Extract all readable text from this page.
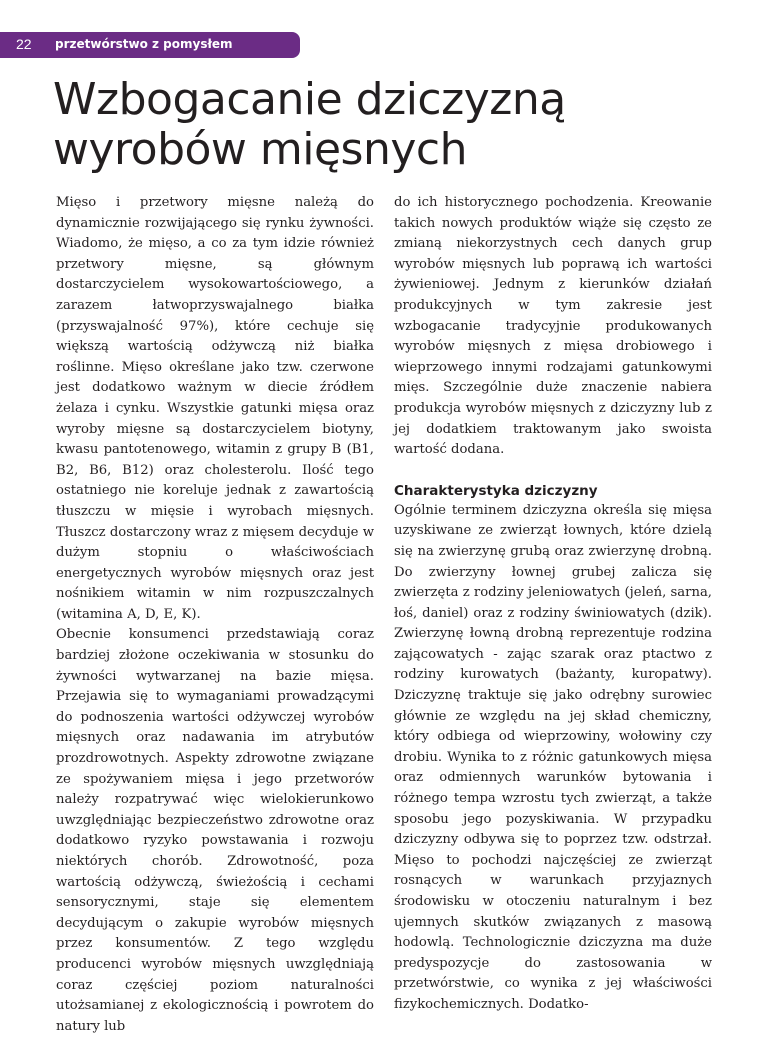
22 przetwórstwo z pomysłem
Wzbogacanie dziczyzną
wyrobów mięsnych

Mięso i przetwory mięsne należą do dynamicznie rozwijającego się rynku żywności. Wiadomo, że mięso, a co za tym idzie również przetwory mięsne, są głównym dostarczycielem wysokowartościowego, a zarazem łatwoprzyswajalnego białka (przyswajalność 97%), które cechuje się większą wartością odżywczą niż białka roślinne. Mięso określane jako tzw. czerwone jest dodatkowo ważnym w diecie źródłem żelaza i cynku. Wszystkie gatunki mięsa oraz wyroby mięsne są dostarczycielem biotyny, kwasu pantotenowego, witamin z grupy B (B1, B2, B6, B12) oraz cholesterolu. Ilość tego ostatniego nie koreluje jednak z zawartością tłuszczu w mięsie i wyrobach mięsnych. Tłuszcz dostarczony wraz z mięsem decyduje w dużym stopniu o właściwościach energetycznych wyrobów mięsnych oraz jest nośnikiem witamin w nim rozpuszczalnych (witamina A, D, E, K).

Obecnie konsumenci przedstawiają coraz bardziej złożone oczekiwania w stosunku do żywności wytwarzanej na bazie mięsa. Przejawia się to wymaganiami prowadzącymi do podnoszenia wartości odżywczej wyrobów mięsnych oraz nadawania im atrybutów prozdrowotnych. Aspekty zdrowotne związane ze spożywaniem mięsa i jego przetworów należy rozpatrywać więc wielokierunkowo uwzględniając bezpieczeństwo zdrowotne oraz dodatkowo ryzyko powstawania i rozwoju niektórych chorób. Zdrowotność, poza wartością odżywczą, świeżością i cechami sensorycznymi, staje się elementem decydującym o zakupie wyrobów mięsnych przez konsumentów. Z tego względu producenci wyrobów mięsnych uwzględniają coraz częściej poziom naturalności utożsamianej z ekologicznością i powrotem do natury lub

do ich historycznego pochodzenia. Kreowanie takich nowych produktów wiąże się często ze zmianą niekorzystnych cech danych grup wyrobów mięsnych lub poprawą ich wartości żywieniowej. Jednym z kierunków działań produkcyjnych w tym zakresie jest wzbogacanie tradycyjnie produkowanych wyrobów mięsnych z mięsa drobiowego i wieprzowego innymi rodzajami gatunkowymi mięs. Szczególnie duże znaczenie nabiera produkcja wyrobów mięsnych z dziczyzny lub z jej dodatkiem traktowanym jako swoista wartość dodana.

Charakterystyka dziczyzny

Ogólnie terminem dziczyzna określa się mięsa uzyskiwane ze zwierząt łownych, które dzielą się na zwierzynę grubą oraz zwierzynę drobną. Do zwierzyny łownej grubej zalicza się zwierzęta z rodziny jeleniowatych (jeleń, sarna, łoś, daniel) oraz z rodziny świniowatych (dzik). Zwierzynę łowną drobną reprezentuje rodzina zającowatych - zając szarak oraz ptactwo z rodziny kurowatych (bażanty, kuropatwy). Dziczyznę traktuje się jako odrębny surowiec głównie ze względu na jej skład chemiczny, który odbiega od wieprzowiny, wołowiny czy drobiu. Wynika to z różnic gatunkowych mięsa oraz odmiennych warunków bytowania i różnego tempa wzrostu tych zwierząt, a także sposobu jego pozyskiwania. W przypadku dziczyzny odbywa się to poprzez tzw. odstrzał. Mięso to pochodzi najczęściej ze zwierząt rosnących w warunkach przyjaznych środowisku w otoczeniu naturalnym i bez ujemnych skutków związanych z masową hodowlą. Technologicznie dziczyzna ma duże predyspozycje do zastosowania w przetwórstwie, co wynika z jej właściwości fizykochemicznych. Dodatko-
